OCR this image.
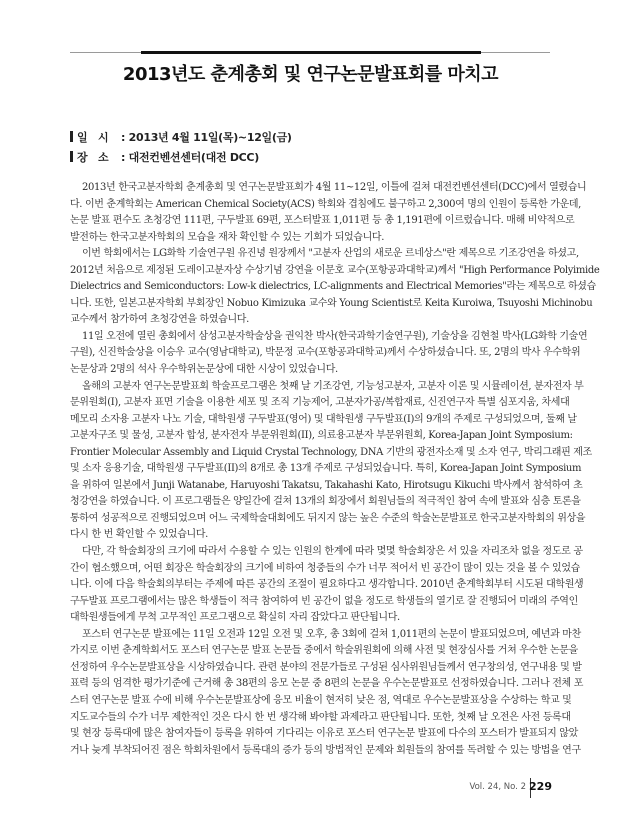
2013년도 춘계총회 및 연구논문발표회를 마치고
일　시 : 2013년 4월 11일(목)~12일(금)
장　소 : 대전컨벤션센터(대전 DCC)
2013년 한국고분자학회 춘계총회 및 연구논문발표회가 4월 11~12일, 이틀에 걸쳐 대전컨벤션센터(DCC)에서 열렸습니
다. 이번 춘계학회는 American Chemical Society(ACS) 학회와 겹침에도 불구하고 2,300여 명의 인원이 등록한 가운데,
논문 발표 편수도 초청강연 111편, 구두발표 69편, 포스터발표 1,011편 등 총 1,191편에 이르렀습니다. 매해 비약적으로
발전하는 한국고분자학회의 모습을 재차 확인할 수 있는 기회가 되었습니다.
이번 학회에서는 LG화학 기술연구원 유진녕 원장께서 "고분자 산업의 새로운 르네상스"란 제목으로 기조강연을 하셨고,
2012년 처음으로 제정된 도레이고분자상 수상기념 강연을 이문호 교수(포항공과대학교)께서 "High Performance Polyimide
Dielectrics and Semiconductors: Low-k dielectrics, LC-alignments and Electrical Memories"라는 제목으로 하셨습
니다. 또한, 일본고분자학회 부회장인 Nobuo Kimizuka 교수와 Young Scientist로 Keita Kuroiwa, Tsuyoshi Michinobu
교수께서 참가하여 초청강연을 하였습니다.
11일 오전에 열린 총회에서 삼성고분자학술상을 권익찬 박사(한국과학기술연구원), 기술상을 김현철 박사(LG화학 기술연
구원), 신진학술상을 이승우 교수(영남대학교), 박문정 교수(포항공과대학교)께서 수상하셨습니다. 또, 2명의 박사 우수학위
논문상과 2명의 석사 우수학위논문상에 대한 시상이 있었습니다.
올해의 고분자 연구논문발표회 학술프로그램은 첫째 날 기조강연, 기능성고분자, 고분자 이론 및 시뮬레이션, 분자전자 부
문위원회(I), 고분자 표면 기술을 이용한 세포 및 조직 기능제어, 고분자가공/복합재료, 신진연구자 특별 심포지움, 차세대
메모리 소자용 고분자 나노 기술, 대학원생 구두발표(영어) 및 대학원생 구두발표(I)의 9개의 주제로 구성되었으며, 둘째 날
고분자구조 및 물성, 고분자 합성, 분자전자 부문위원회(II), 의료용고분자 부문위원회, Korea-Japan Joint Symposium:
Frontier Molecular Assembly and Liquid Crystal Technology, DNA 기반의 광전자소재 및 소자 연구, 박리그래핀 제조
및 소자 응용기술, 대학원생 구두발표(II)의 8개로 총 13개 주제로 구성되었습니다. 특히, Korea-Japan Joint Symposium
을 위하여 일본에서 Junji Watanabe, Haruyoshi Takatsu, Takahashi Kato, Hirotsugu Kikuchi 박사께서 참석하여 초
청강연을 하였습니다. 이 프로그램들은 양일간에 걸쳐 13개의 회장에서 회원님들의 적극적인 참여 속에 발표와 심층 토론을
통하여 성공적으로 진행되었으며 어느 국제학술대회에도 뒤지지 않는 높은 수준의 학술논문발표로 한국고분자학회의 위상을
다시 한 번 확인할 수 있었습니다.
다만, 각 학술회장의 크기에 따라서 수용할 수 있는 인원의 한계에 따라 몇몇 학술회장은 서 있을 자리조차 없을 정도로 공
간이 협소했으며, 어떤 회장은 학술회장의 크기에 비하여 청중들의 수가 너무 적어서 빈 공간이 많이 있는 것을 볼 수 있었습
니다. 이에 다음 학술회의부터는 주제에 따른 공간의 조절이 필요하다고 생각합니다. 2010년 춘계학회부터 시도된 대학원생
구두발표 프로그램에서는 많은 학생들이 적극 참여하여 빈 공간이 없을 정도로 학생들의 열기로 잘 진행되어 미래의 주역인
대학원생들에게 무척 고무적인 프로그램으로 확실히 자리 잡았다고 판단됩니다.
포스터 연구논문 발표에는 11일 오전과 12일 오전 및 오후, 총 3회에 걸쳐 1,011편의 논문이 발표되었으며, 예년과 마찬
가지로 이번 춘계학회서도 포스터 연구논문 발표 논문들 중에서 학술위원회에 의해 사전 및 현장심사를 거쳐 우수한 논문을
선정하여 우수논문발표상을 시상하였습니다. 관련 분야의 전문가들로 구성된 심사위원님들께서 연구창의성, 연구내용 및 발
표력 등의 엄격한 평가기준에 근거해 총 38편의 응모 논문 중 8편의 논문을 우수논문발표로 선정하였습니다. 그러나 전체 포
스터 연구논문 발표 수에 비해 우수논문발표상에 응모 비율이 현저히 낮은 점, 역대로 우수논문발표상을 수상하는 학교 및
지도교수들의 수가 너무 제한적인 것은 다시 한 번 생각해 봐야할 과제라고 판단됩니다. 또한, 첫째 날 오전은 사전 등록대
및 현장 등록대에 많은 참여자들이 등록을 위하여 기다리는 이유로 포스터 연구논문 발표에 다수의 포스터가 발표되지 않았
거나 늦게 부착되어진 점은 학회차원에서 등록대의 증가 등의 방법적인 문제와 회원들의 참여를 독려할 수 있는 방법을 연구
Vol. 24, No. 2 229
